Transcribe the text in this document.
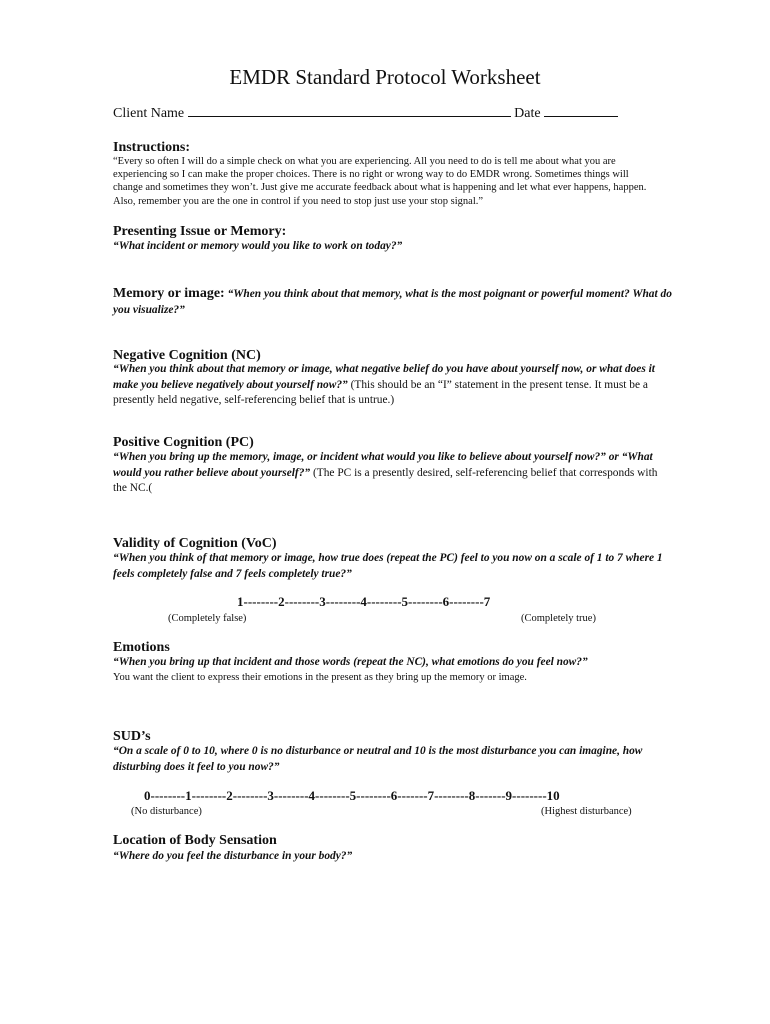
EMDR Standard Protocol Worksheet
Client Name	Date
Instructions:

“Every so often I will do a simple check on what you are experiencing. All you need to do is tell me about what you are experiencing so I can make the proper choices. There is no right or wrong way to do EMDR wrong. Sometimes things will change and sometimes they won’t. Just give me accurate feedback about what is happening and let what ever happens, happen. Also, remember you are the one in control if you need to stop just use your stop signal.”

Presenting Issue or Memory:

“What incident or memory would you like to work on today?”

Memory or image: “When you think about that memory, what is the most poignant or powerful moment? What do you visualize?”

Negative Cognition (NC)

“When you think about that memory or image, what negative belief do you have about yourself now, or what does it make you believe negatively about yourself now?” (This should be an “I” statement in the present tense. It must be a presently held negative, self-referencing belief that is untrue.)

Positive Cognition (PC)

“When you bring up the memory, image, or incident what would you like to believe about yourself now?” or “What would you rather believe about yourself?” (The PC is a presently desired, self-referencing belief that corresponds with the NC.(

Validity of Cognition (VoC)

“When you think of that memory or image, how true does (repeat the PC) feel to you now on a scale of 1 to 7 where 1 feels completely false and 7 feels completely true?”

1--------2--------3--------4--------5--------6--------7
(Completely false)	(Completely true)
Emotions

“When you bring up that incident and those words (repeat the NC), what emotions do you feel now?”

You want the client to express their emotions in the present as they bring up the memory or image.

SUD’s

“On a scale of 0 to 10, where 0 is no disturbance or neutral and 10 is the most disturbance you can imagine, how disturbing does it feel to you now?”

0--------1--------2--------3--------4--------5--------6-------7--------8-------9--------10
(No disturbance)	(Highest disturbance)
Location of Body Sensation

“Where do you feel the disturbance in your body?”
